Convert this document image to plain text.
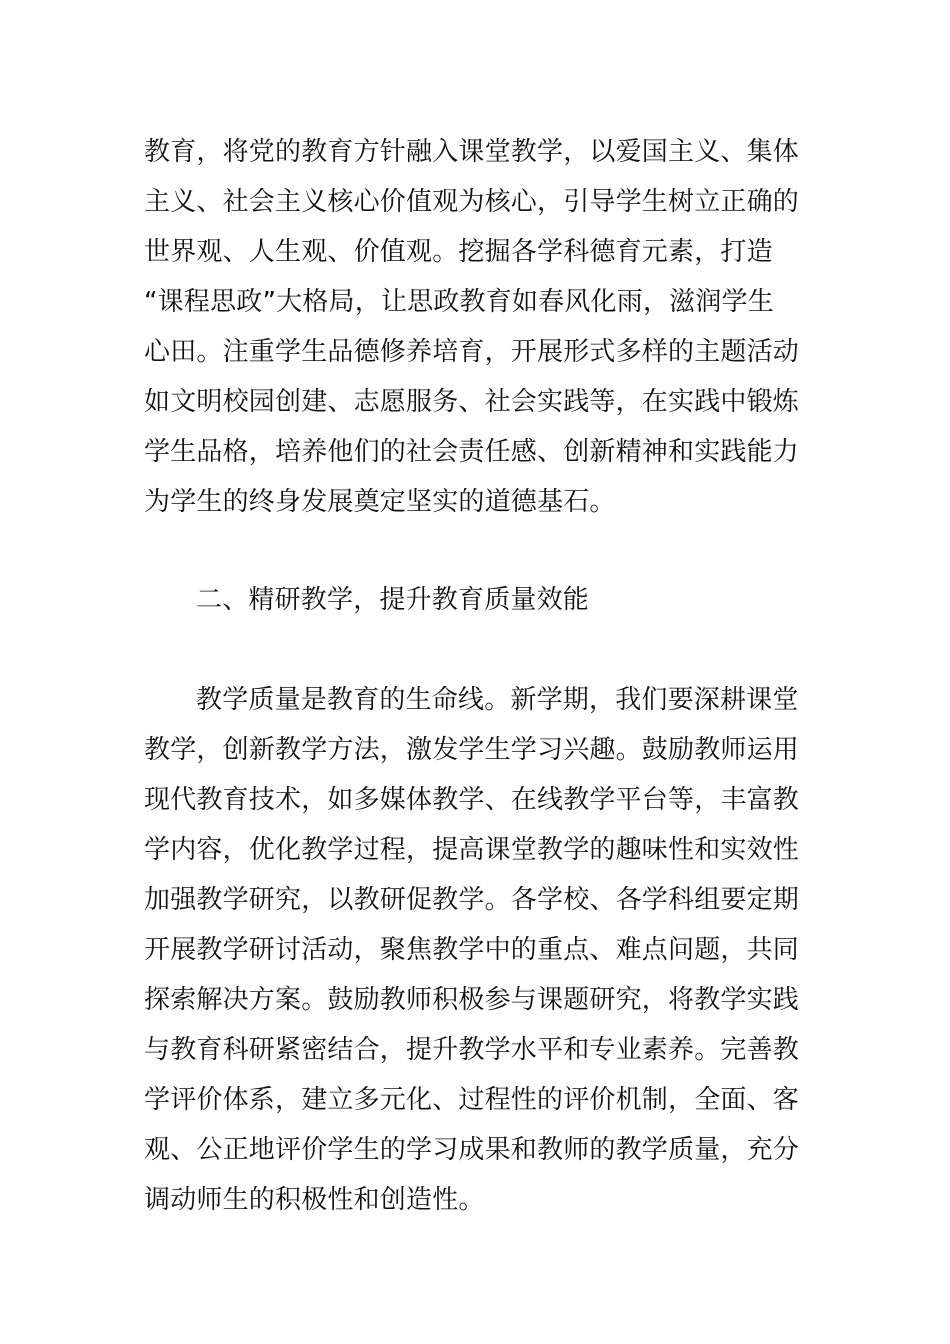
教育，将党的教育方针融入课堂教学，以爱国主义、集体
主义、社会主义核心价值观为核心，引导学生树立正确的
世界观、人生观、价值观。挖掘各学科德育元素，打造
“课程思政”大格局，让思政教育如春风化雨，滋润学生
心田。注重学生品德修养培育，开展形式多样的主题活动
如文明校园创建、志愿服务、社会实践等，在实践中锻炼
学生品格，培养他们的社会责任感、创新精神和实践能力
为学生的终身发展奠定坚实的道德基石。
二、精研教学，提升教育质量效能
教学质量是教育的生命线。新学期，我们要深耕课堂
教学，创新教学方法，激发学生学习兴趣。鼓励教师运用
现代教育技术，如多媒体教学、在线教学平台等，丰富教
学内容，优化教学过程，提高课堂教学的趣味性和实效性
加强教学研究，以教研促教学。各学校、各学科组要定期
开展教学研讨活动，聚焦教学中的重点、难点问题，共同
探索解决方案。鼓励教师积极参与课题研究，将教学实践
与教育科研紧密结合，提升教学水平和专业素养。完善教
学评价体系，建立多元化、过程性的评价机制，全面、客
观、公正地评价学生的学习成果和教师的教学质量，充分
调动师生的积极性和创造性。
